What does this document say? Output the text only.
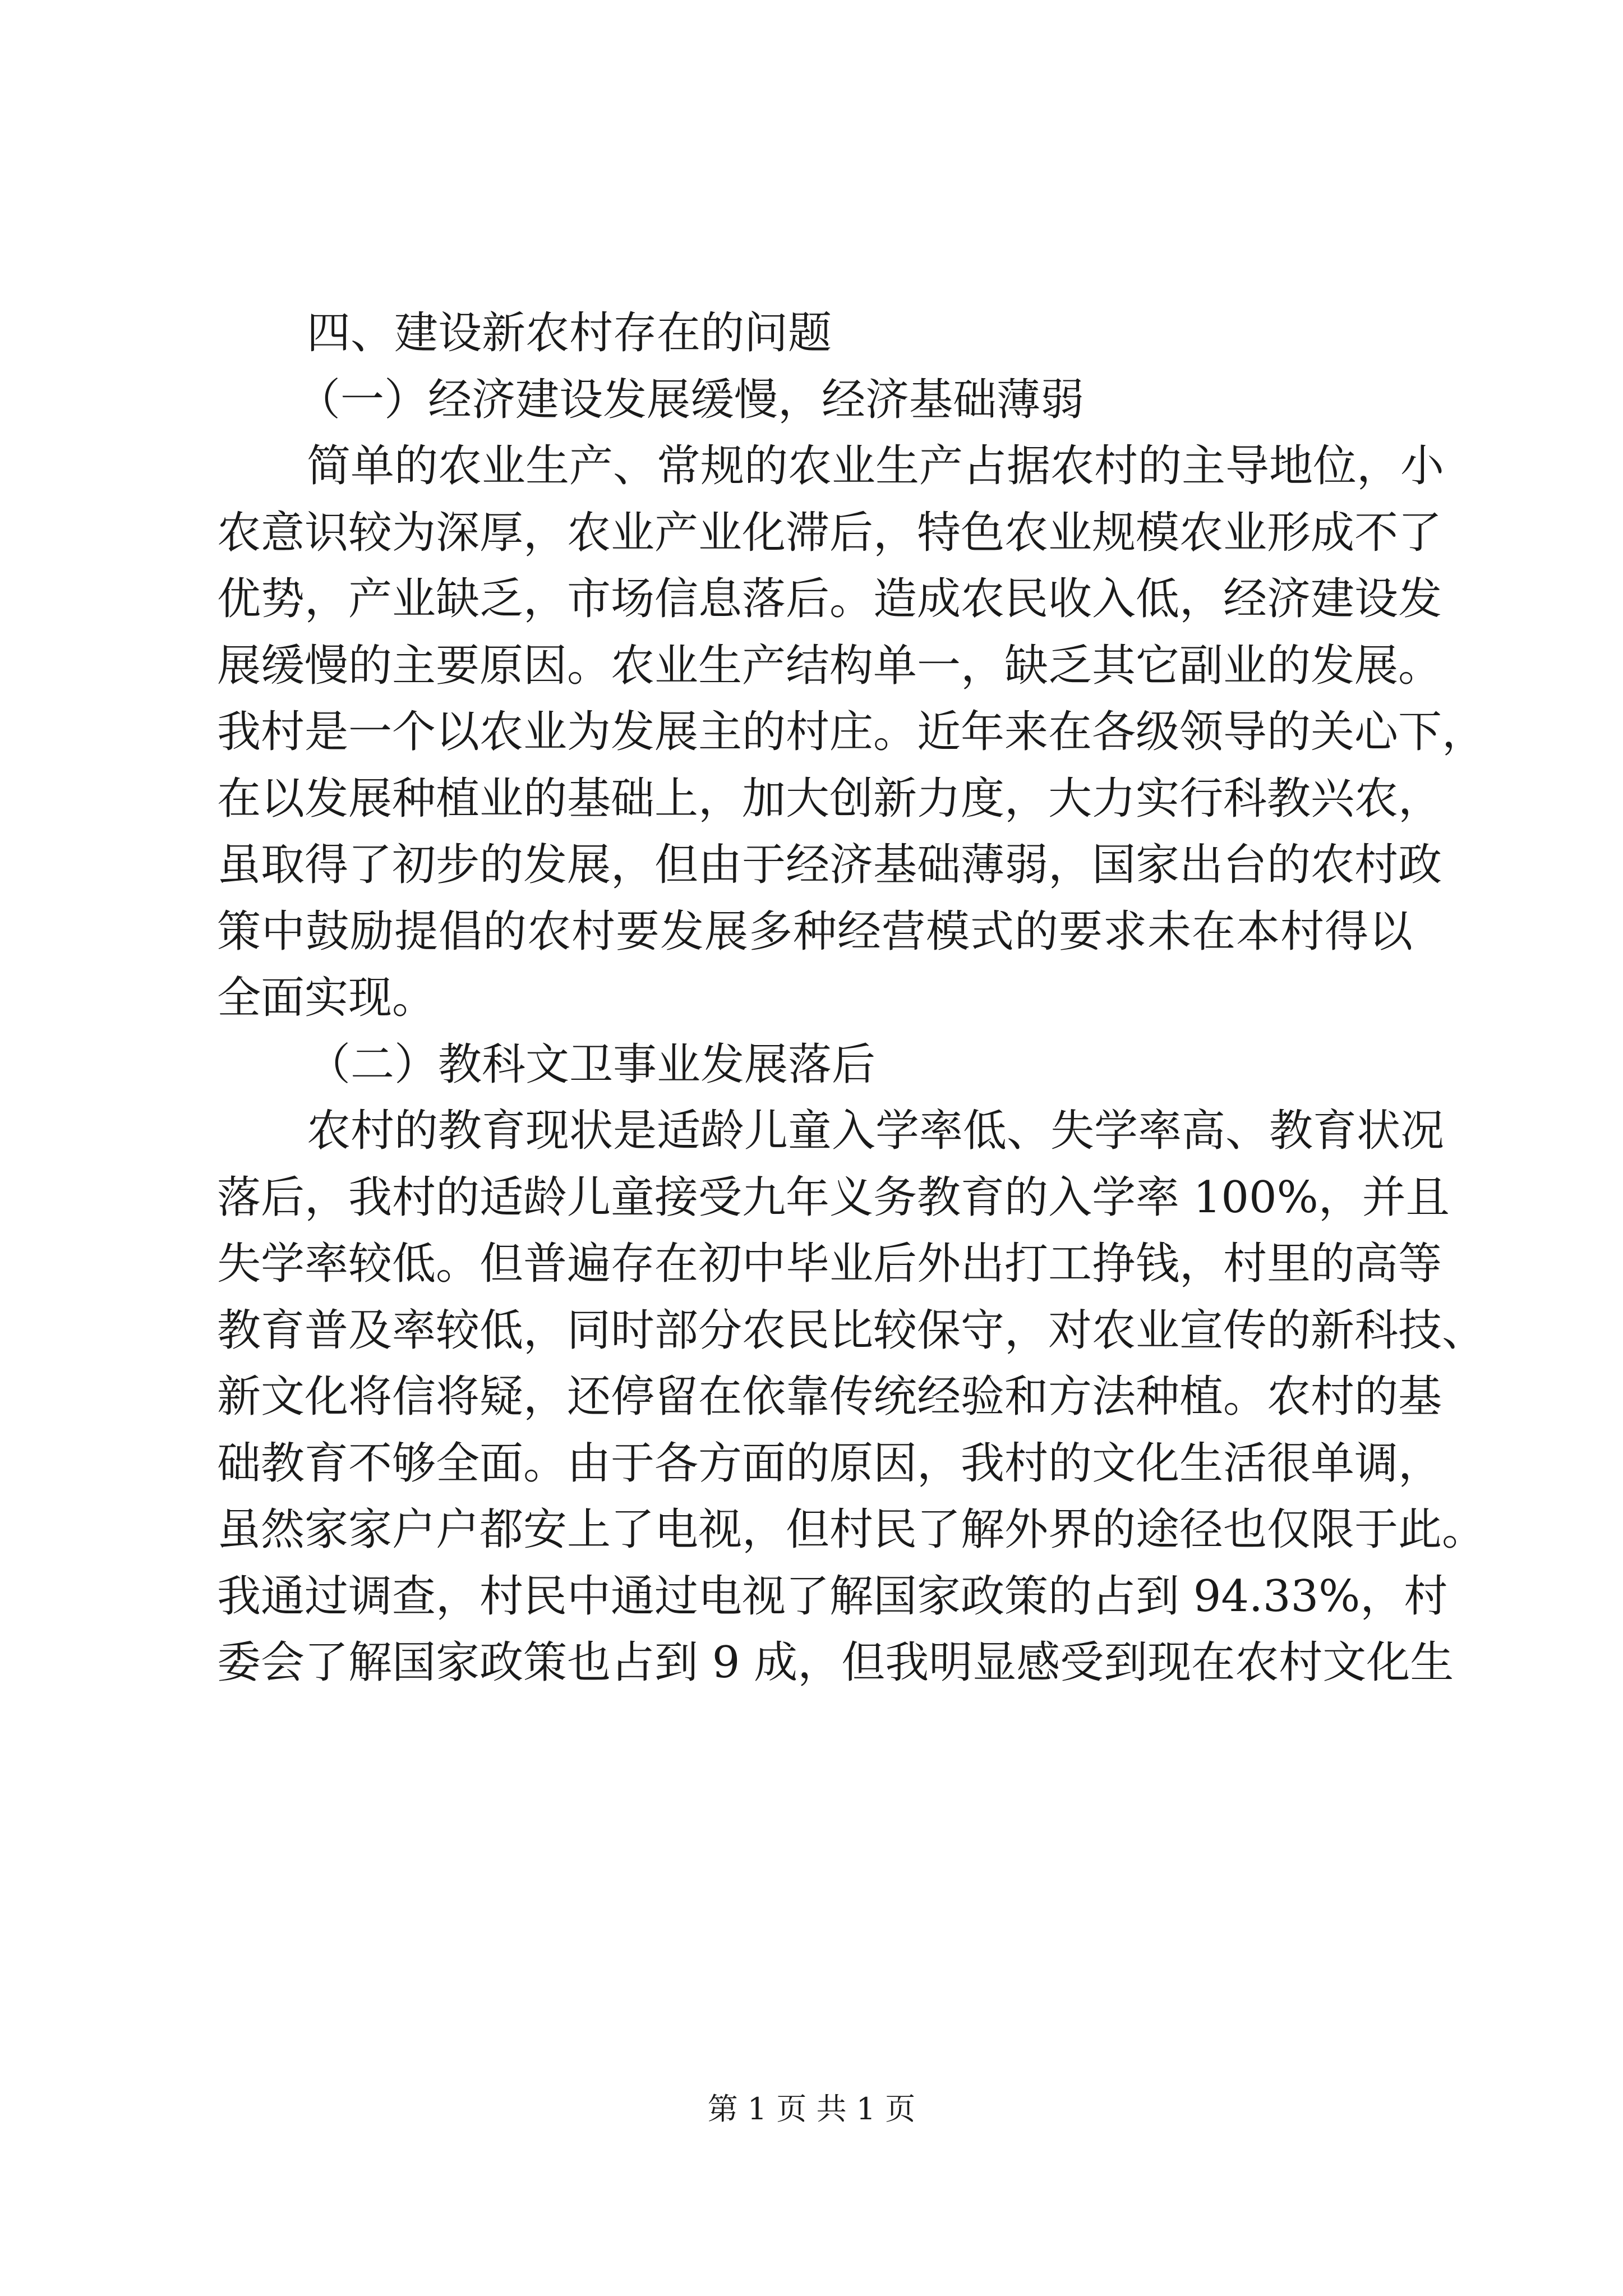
四、建设新农村存在的问题
（一）经济建设发展缓慢，经济基础薄弱
简单的农业生产、常规的农业生产占据农村的主导地位，小
农意识较为深厚，农业产业化滞后，特色农业规模农业形成不了
优势，产业缺乏，市场信息落后。造成农民收入低，经济建设发
展缓慢的主要原因。农业生产结构单一，缺乏其它副业的发展。
我村是一个以农业为发展主的村庄。近年来在各级领导的关心下，
在以发展种植业的基础上，加大创新力度，大力实行科教兴农，
虽取得了初步的发展，但由于经济基础薄弱，国家出台的农村政
策中鼓励提倡的农村要发展多种经营模式的要求未在本村得以
全面实现。
（二）教科文卫事业发展落后
农村的教育现状是适龄儿童入学率低、失学率高、教育状况
落后，我村的适龄儿童接受九年义务教育的入学率 100%，并且
失学率较低。但普遍存在初中毕业后外出打工挣钱，村里的高等
教育普及率较低，同时部分农民比较保守，对农业宣传的新科技、
新文化将信将疑，还停留在依靠传统经验和方法种植。农村的基
础教育不够全面。由于各方面的原因，我村的文化生活很单调，
虽然家家户户都安上了电视，但村民了解外界的途径也仅限于此。
我通过调查，村民中通过电视了解国家政策的占到 94.33%，村
委会了解国家政策也占到 9 成，但我明显感受到现在农村文化生
第 1 页 共 1 页
